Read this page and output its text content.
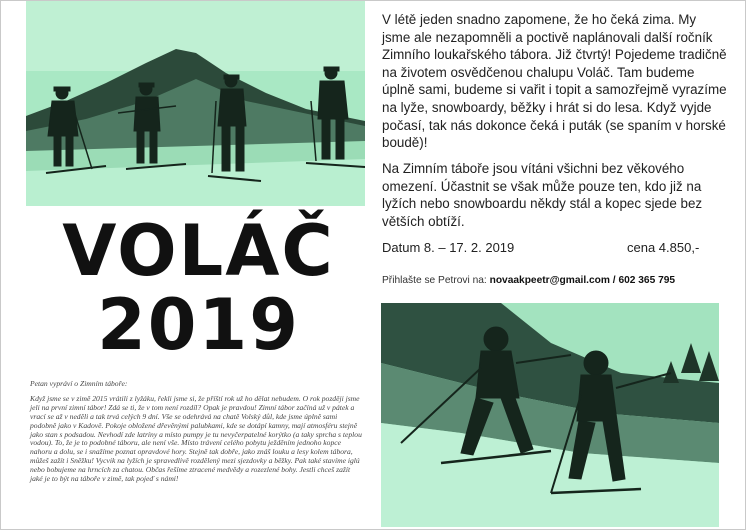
V létě jeden snadno zapomene, že ho čeká zima. My jsme ale nezapomněli a poctivě naplánovali další ročník Zimního loukařského tábora. Již čtvrtý! Pojedeme tradičně na životem osvědčenou chalupu Voláč. Tam budeme úplně sami, budeme si vařit i topit a samozřejmě vyrazíme na lyže, snowboardy, běžky i hrát si do lesa. Když vyjde počasí, tak nás dokonce čeká i puták (se spaním v horské boudě)!

Na Zimním táboře jsou vítáni všichni bez věkového omezení. Účastnit se však může pouze ten, kdo již na lyžích nebo snowboardu někdy stál a kopec sjede bez větších obtíží.

Datum 8. – 17. 2. 2019	cena 4.850,-
Přihlašte se Petrovi na: novaakpeetr@gmail.com / 602 365 795
VOLÁČ
2019

Petan vypráví o Zimním táboře:

Když jsme se v zimě 2015 vrátili z lyžáku, řekli jsme si, že příští rok už ho dělat nebudem. O rok později jsme jeli na první zimní tábor! Zdá se ti, že v tom není rozdíl? Opak je pravdou! Zimní tábor začíná už v pátek a vrací se až v neděli a tak trvá celých 9 dní. Vše se odehrává na chatě Volský důl, kde jsme úplně sami podobně jako v Kadově. Pokoje obložené dřevěnými palubkami, kde se dotápí kamny, mají atmosféru stejně jako stan s podsadou. Nevhodí zde latríny a místo pumpy je tu nevyčerpatelné korýtko (a taky sprcha s teplou vodou). To, že je to podobné táboru, ale není vše. Místo trávení celého pobytu ježděním jednoho kopce nahoru a dolu, se i snažíme poznat opravdové hory. Stejně tak dobře, jako znáš louku a lesy kolem tábora, můžeš zažít i Sněžku! Vycvik na lyžích je spravedlivě rozdělený mezi sjezdovky a běžky. Pak také stavíme iglú nebo bobujeme na hrncích za chatou. Občas řešíme ztracené medvědy a rozezlené bohy. Jestli chceš zažít jaké je to být na táboře v zimě, tak pojeď s námi!
